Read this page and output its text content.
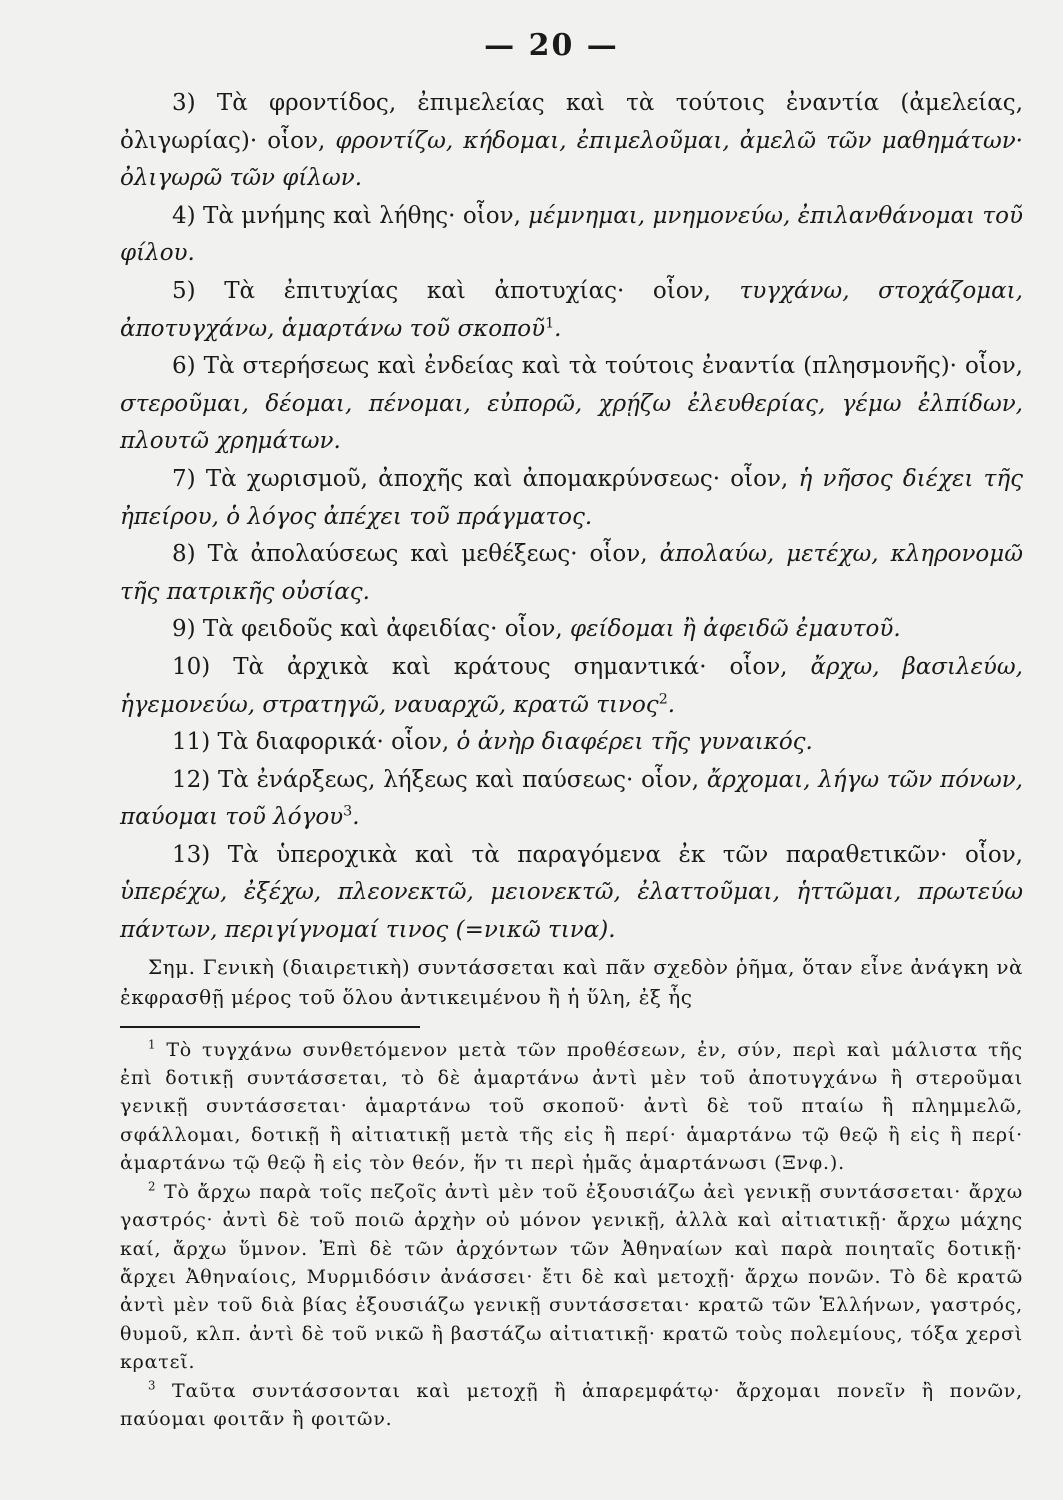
— 20 —

3) Τὰ φροντίδος, ἐπιμελείας καὶ τὰ τούτοις ἐναντία (ἀμελείας, ὀλιγωρίας)· οἷον, φροντίζω, κήδομαι, ἐπιμελοῦμαι, ἀμελῶ τῶν μαθημάτων· ὀλιγωρῶ τῶν φίλων.

4) Τὰ μνήμης καὶ λήθης· οἷον, μέμνημαι, μνημονεύω, ἐπιλανθάνομαι τοῦ φίλου.

5) Τὰ ἐπιτυχίας καὶ ἀποτυχίας· οἷον, τυγχάνω, στοχάζομαι, ἀποτυγχάνω, ἁμαρτάνω τοῦ σκοποῦ$^1$.

6) Τὰ στερήσεως καὶ ἐνδείας καὶ τὰ τούτοις ἐναντία (πλησμονῆς)· οἷον, στεροῦμαι, δέομαι, πένομαι, εὐπορῶ, χρῄζω ἐλευθερίας, γέμω ἐλπίδων, πλουτῶ χρημάτων.

7) Τὰ χωρισμοῦ, ἀποχῆς καὶ ἀπομακρύνσεως· οἷον, ἡ νῆσος διέχει τῆς ἠπείρου, ὁ λόγος ἀπέχει τοῦ πράγματος.

8) Τὰ ἀπολαύσεως καὶ μεθέξεως· οἷον, ἀπολαύω, μετέχω, κληρονομῶ τῆς πατρικῆς οὐσίας.

9) Τὰ φειδοῦς καὶ ἀφειδίας· οἷον, φείδομαι ἢ ἀφειδῶ ἐμαυτοῦ.

10) Τὰ ἀρχικὰ καὶ κράτους σημαντικά· οἷον, ἄρχω, βασιλεύω, ἡγεμονεύω, στρατηγῶ, ναυαρχῶ, κρατῶ τινος$^2$.

11) Τὰ διαφορικά· οἷον, ὁ ἀνὴρ διαφέρει τῆς γυναικός.

12) Τὰ ἐνάρξεως, λήξεως καὶ παύσεως· οἷον, ἄρχομαι, λήγω τῶν πόνων, παύομαι τοῦ λόγου$^3$.

13) Τὰ ὑπεροχικὰ καὶ τὰ παραγόμενα ἐκ τῶν παραθετικῶν· οἷον, ὑπερέχω, ἐξέχω, πλεονεκτῶ, μειονεκτῶ, ἐλαττοῦμαι, ἡττῶμαι, πρωτεύω πάντων, περιγίγνομαί τινος (=νικῶ τινα).

Σημ. Γενικὴ (διαιρετικὴ) συντάσσεται καὶ πᾶν σχεδὸν ῥῆμα, ὅταν εἶνε ἀνάγκη νὰ ἐκφρασθῇ μέρος τοῦ ὅλου ἀντικειμένου ἢ ἡ ὕλη, ἐξ ἧς

$^1$ Τὸ τυγχάνω συνθετόμενον μετὰ τῶν προθέσεων, ἐν, σύν, περὶ καὶ μάλιστα τῆς ἐπὶ δοτικῇ συντάσσεται, τὸ δὲ ἁμαρτάνω ἀντὶ μὲν τοῦ ἀποτυγχάνω ἢ στεροῦμαι γενικῇ συντάσσεται· ἁμαρτάνω τοῦ σκοποῦ· ἀντὶ δὲ τοῦ πταίω ἢ πλημμελῶ, σφάλλομαι, δοτικῇ ἢ αἰτιατικῇ μετὰ τῆς εἰς ἢ περί· ἁμαρτάνω τῷ θεῷ ἢ εἰς ἢ περί· ἁμαρτάνω τῷ θεῷ ἢ εἰς τὸν θεόν, ἥν τι περὶ ἡμᾶς ἁμαρτάνωσι (Ξνφ.).

$^2$ Τὸ ἄρχω παρὰ τοῖς πεζοῖς ἀντὶ μὲν τοῦ ἐξουσιάζω ἀεὶ γενικῇ συντάσσεται· ἄρχω γαστρός· ἀντὶ δὲ τοῦ ποιῶ ἀρχὴν οὐ μόνον γενικῇ, ἀλλὰ καὶ αἰτιατικῇ· ἄρχω μάχης καί, ἄρχω ὕμνον. Ἐπὶ δὲ τῶν ἀρχόντων τῶν Ἀθηναίων καὶ παρὰ ποιηταῖς δοτικῇ· ἄρχει Ἀθηναίοις, Μυρμιδόσιν ἀνάσσει· ἔτι δὲ καὶ μετοχῇ· ἄρχω πονῶν. Τὸ δὲ κρατῶ ἀντὶ μὲν τοῦ διὰ βίας ἐξουσιάζω γενικῇ συντάσσεται· κρατῶ τῶν Ἑλλήνων, γαστρός, θυμοῦ, κλπ. ἀντὶ δὲ τοῦ νικῶ ἢ βαστάζω αἰτιατικῇ· κρατῶ τοὺς πολεμίους, τόξα χερσὶ κρατεῖ.

$^3$ Ταῦτα συντάσσονται καὶ μετοχῇ ἢ ἀπαρεμφάτῳ· ἄρχομαι πονεῖν ἢ πονῶν, παύομαι φοιτᾶν ἢ φοιτῶν.
